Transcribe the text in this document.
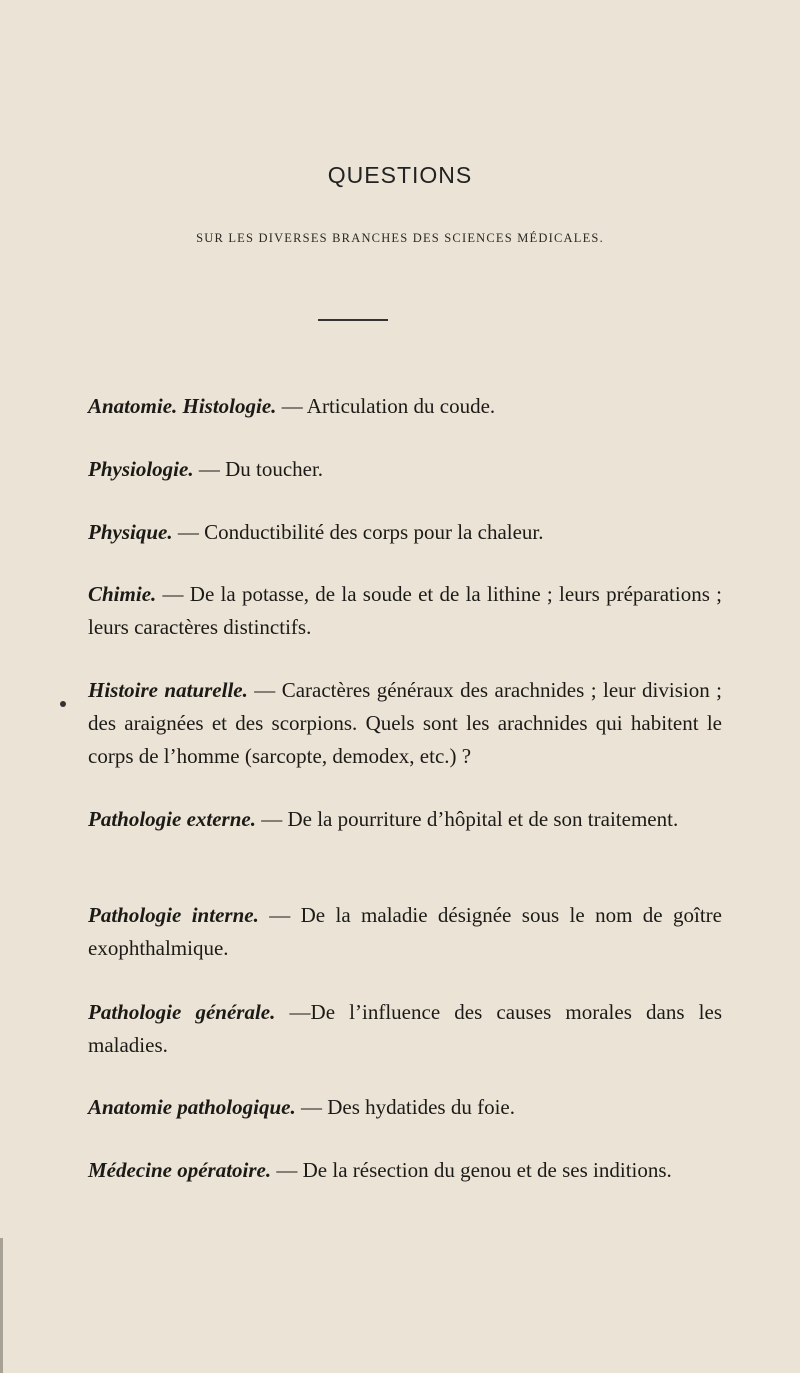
QUESTIONS
SUR LES DIVERSES BRANCHES DES SCIENCES MÉDICALES.
Anatomie. Histologie. — Articulation du coude.
Physiologie. — Du toucher.
Physique. — Conductibilité des corps pour la chaleur.
Chimie. — De la potasse, de la soude et de la lithine ; leurs préparations ; leurs caractères distinctifs.
Histoire naturelle. — Caractères généraux des arachnides ; leur division ; des araignées et des scorpions. Quels sont les arachnides qui habitent le corps de l’homme (sarcopte, demodex, etc.) ?
Pathologie externe. — De la pourriture d’hôpital et de son traitement.
Pathologie interne. — De la maladie désignée sous le nom de goître exophthalmique.
Pathologie générale. —De l’influence des causes morales dans les maladies.
Anatomie pathologique. — Des hydatides du foie.
Médecine opératoire. — De la résection du genou et de ses inditions.
